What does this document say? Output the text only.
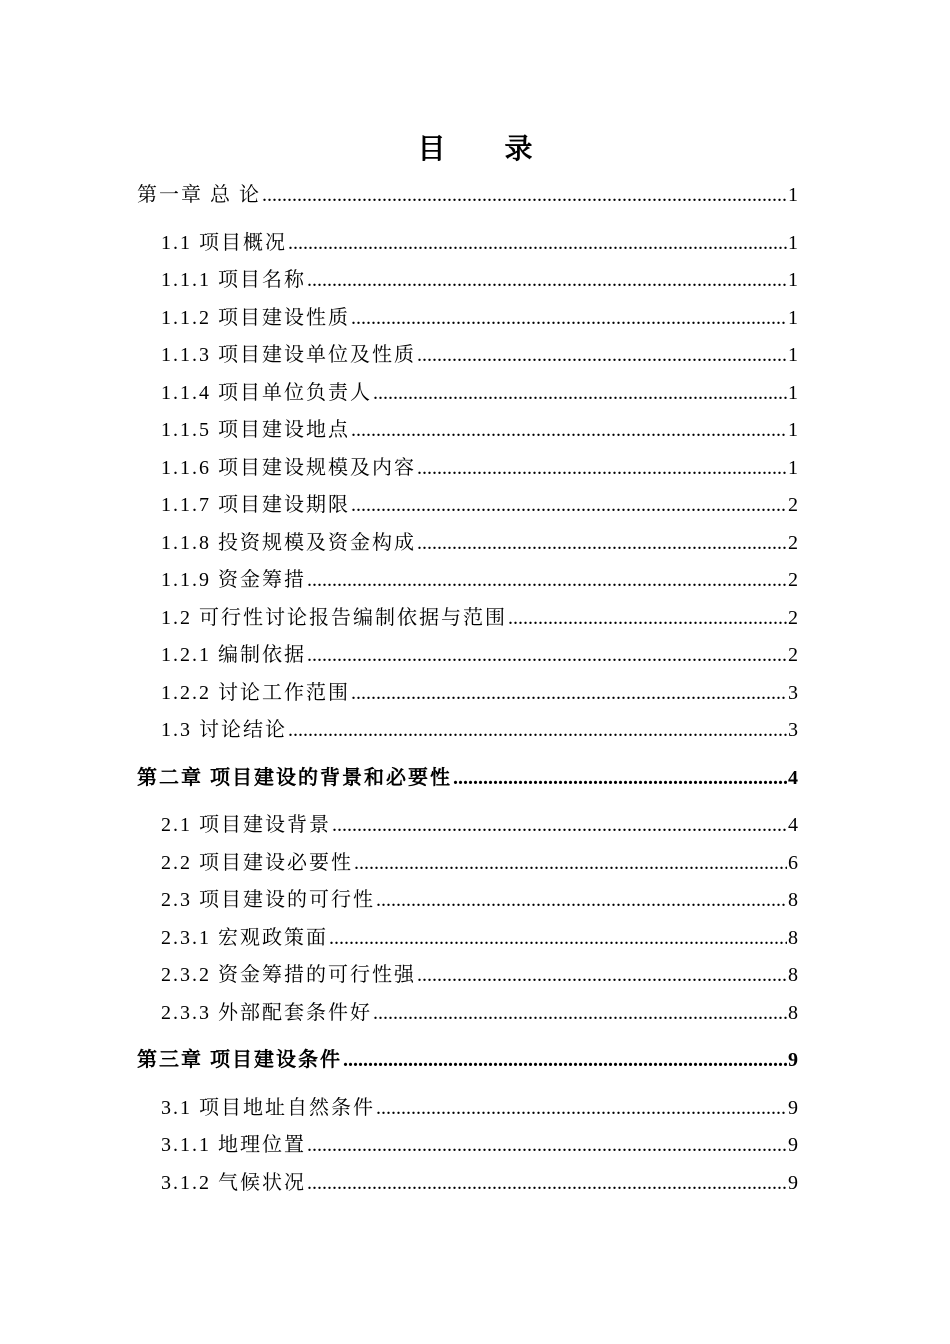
目 录
第一章 总 论 .....	1
1.1 项目概况 .....	1
1.1.1 项目名称 .....	1
1.1.2 项目建设性质 .....	1
1.1.3 项目建设单位及性质 .....	1
1.1.4 项目单位负责人 .....	1
1.1.5 项目建设地点 .....	1
1.1.6 项目建设规模及内容 .....	1
1.1.7 项目建设期限 .....	2
1.1.8 投资规模及资金构成 .....	2
1.1.9 资金筹措 .....	2
1.2 可行性讨论报告编制依据与范围 .....	2
1.2.1 编制依据 .....	2
1.2.2 讨论工作范围 .....	3
1.3 讨论结论 .....	3
第二章 项目建设的背景和必要性 .....	4
2.1 项目建设背景 .....	4
2.2 项目建设必要性 .....	6
2.3 项目建设的可行性 .....	8
2.3.1 宏观政策面 .....	8
2.3.2 资金筹措的可行性强 .....	8
2.3.3 外部配套条件好 .....	8
第三章 项目建设条件 .....	9
3.1 项目地址自然条件 .....	9
3.1.1 地理位置 .....	9
3.1.2 气候状况 .....	9
